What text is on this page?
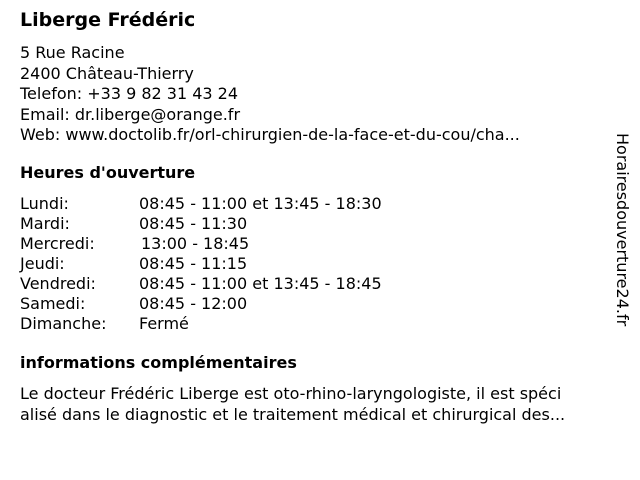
Liberge Frédéric
5 Rue Racine
2400 Château-Thierry
Telefon: +33 9 82 31 43 24
Email: dr.liberge@orange.fr
Web: www.doctolib.fr/orl-chirurgien-de-la-face-et-du-cou/cha...
Heures d'ouverture
Lundi:	08:45 - 11:00 et 13:45 - 18:30
Mardi:	08:45 - 11:30
Mercredi:	13:00 - 18:45
Jeudi:	08:45 - 11:15
Vendredi:	08:45 - 11:00 et 13:45 - 18:45
Samedi:	08:45 - 12:00
Dimanche: Fermé
informations complémentaires
Le docteur Frédéric Liberge est oto-rhino-laryngologiste, il est spéci
alisé dans le diagnostic et le traitement médical et chirurgical des...
Horairesdouverture24.fr
